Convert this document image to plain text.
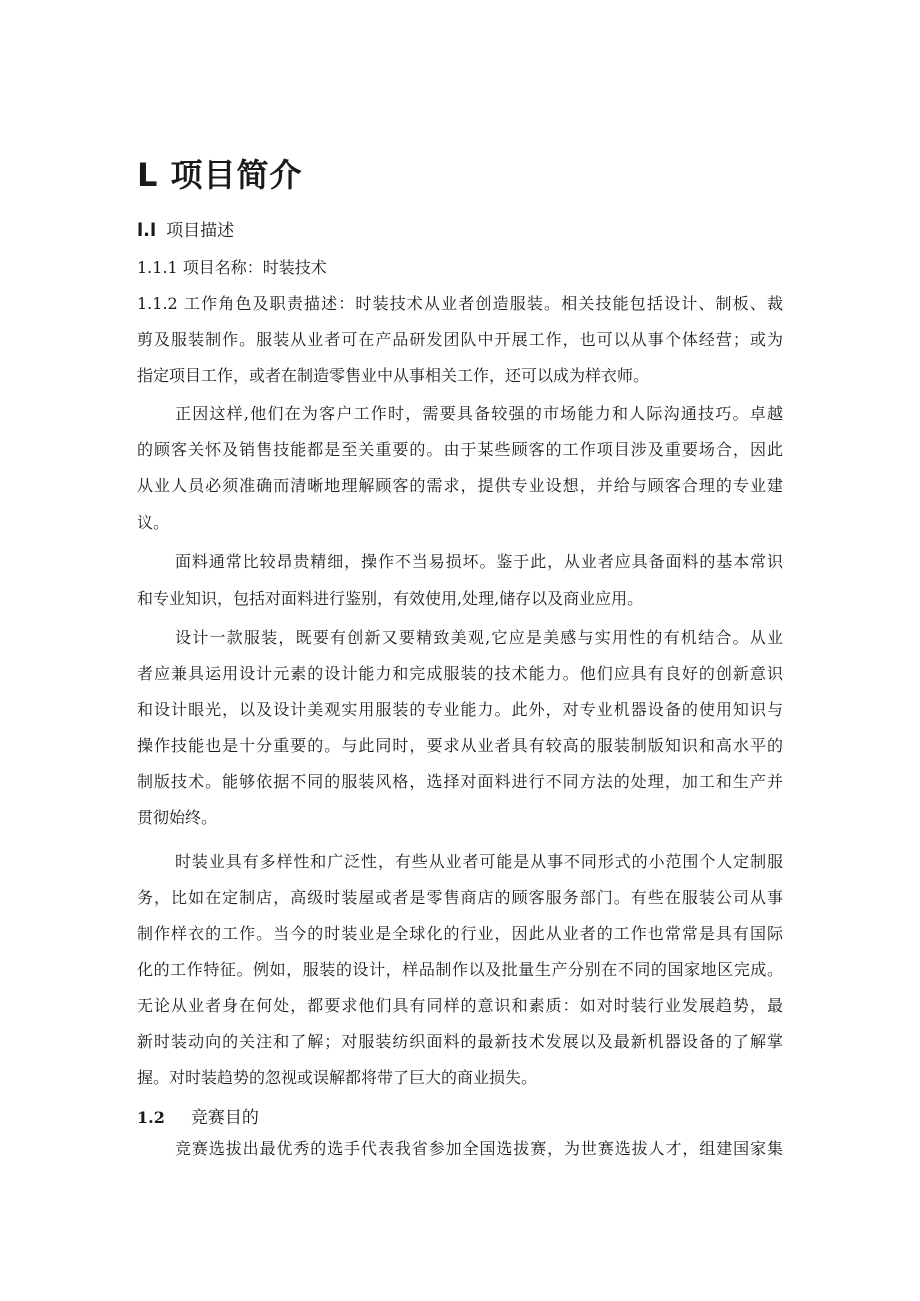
L 项目简介
l.l 项目描述
1.1.1 项目名称：时装技术
1.1.2 工作角色及职责描述：时装技术从业者创造服装。相关技能包括设计、制板、裁
剪及服装制作。服装从业者可在产品研发团队中开展工作，也可以从事个体经营；或为
指定项目工作，或者在制造零售业中从事相关工作，还可以成为样衣师。
正因这样,他们在为客户工作时，需要具备较强的市场能力和人际沟通技巧。卓越
的顾客关怀及销售技能都是至关重要的。由于某些顾客的工作项目涉及重要场合，因此
从业人员必须准确而清晰地理解顾客的需求，提供专业设想，并给与顾客合理的专业建
议。
面料通常比较昂贵精细，操作不当易损坏。鉴于此，从业者应具备面料的基本常识
和专业知识，包括对面料进行鉴别，有效使用,处理,储存以及商业应用。
设计一款服装，既要有创新又要精致美观,它应是美感与实用性的有机结合。从业
者应兼具运用设计元素的设计能力和完成服装的技术能力。他们应具有良好的创新意识
和设计眼光，以及设计美观实用服装的专业能力。此外，对专业机器设备的使用知识与
操作技能也是十分重要的。与此同时，要求从业者具有较高的服装制版知识和高水平的
制版技术。能够依据不同的服装风格，选择对面料进行不同方法的处理，加工和生产并
贯彻始终。
时装业具有多样性和广泛性，有些从业者可能是从事不同形式的小范围个人定制服
务，比如在定制店，高级时装屋或者是零售商店的顾客服务部门。有些在服装公司从事
制作样衣的工作。当今的时装业是全球化的行业，因此从业者的工作也常常是具有国际
化的工作特征。例如，服装的设计，样品制作以及批量生产分别在不同的国家地区完成。
无论从业者身在何处，都要求他们具有同样的意识和素质：如对时装行业发展趋势，最
新时装动向的关注和了解；对服装纺织面料的最新技术发展以及最新机器设备的了解掌
握。对时装趋势的忽视或误解都将带了巨大的商业损失。
1.2 竞赛目的
竞赛选拔出最优秀的选手代表我省参加全国选拔赛，为世赛选拔人才，组建国家集
